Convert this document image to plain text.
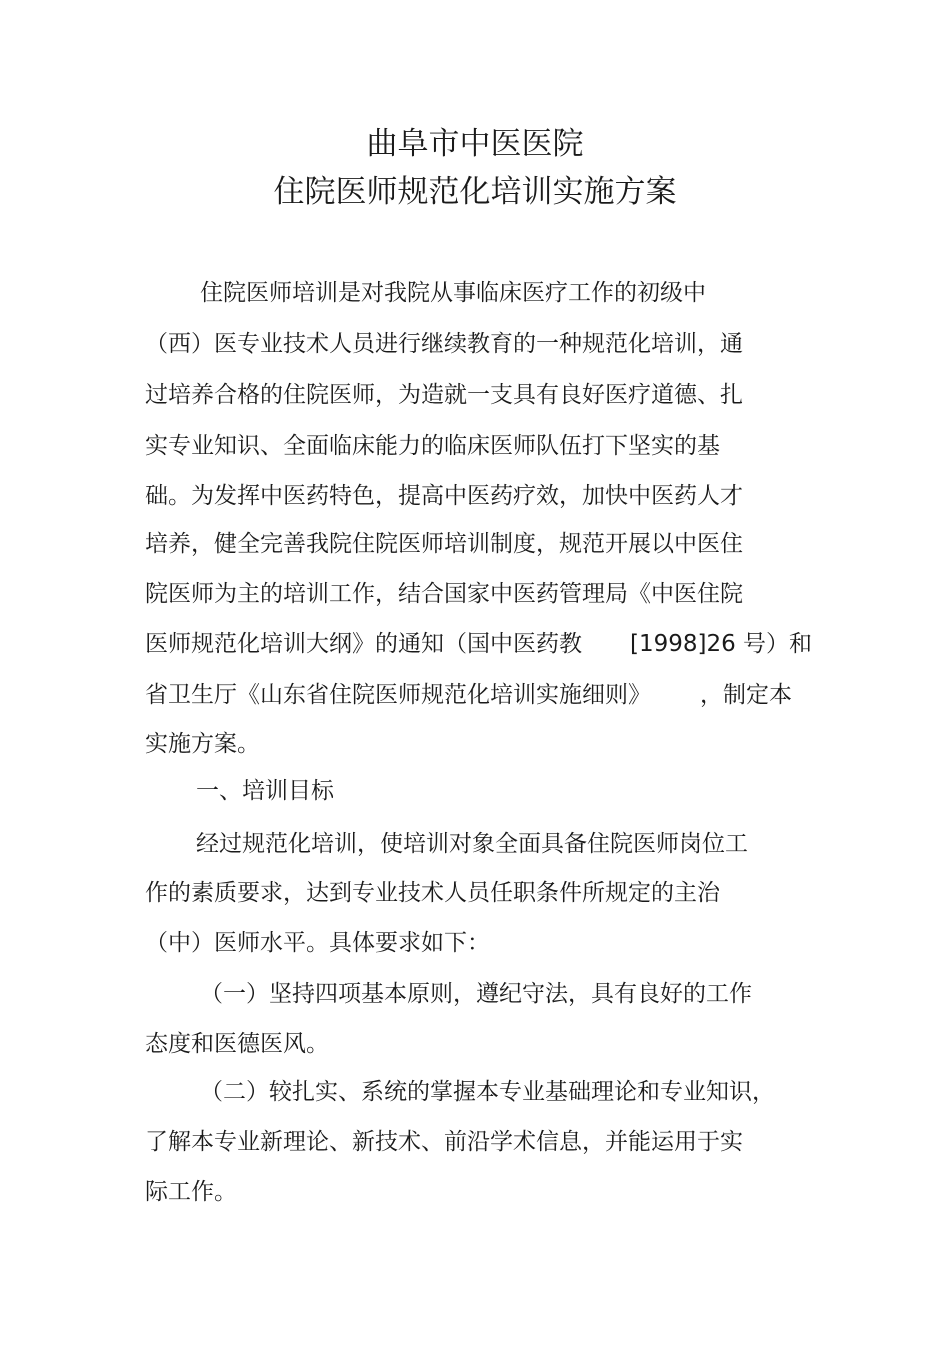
曲阜市中医医院
住院医师规范化培训实施方案
住院医师培训是对我院从事临床医疗工作的初级中
（西）医专业技术人员进行继续教育的一种规范化培训，通
过培养合格的住院医师，为造就一支具有良好医疗道德、扎
实专业知识、全面临床能力的临床医师队伍打下坚实的基
础。为发挥中医药特色，提高中医药疗效，加快中医药人才
培养，健全完善我院住院医师培训制度，规范开展以中医住
院医师为主的培训工作，结合国家中医药管理局《中医住院
医师规范化培训大纲》的通知（国中医药教 [1998]26 号）和
省卫生厅《山东省住院医师规范化培训实施细则》 ，制定本
实施方案。
一、培训目标
经过规范化培训，使培训对象全面具备住院医师岗位工
作的素质要求，达到专业技术人员任职条件所规定的主治
（中）医师水平。具体要求如下：
（一）坚持四项基本原则，遵纪守法，具有良好的工作
态度和医德医风。
（二）较扎实、系统的掌握本专业基础理论和专业知识，
了解本专业新理论、新技术、前沿学术信息，并能运用于实
际工作。
